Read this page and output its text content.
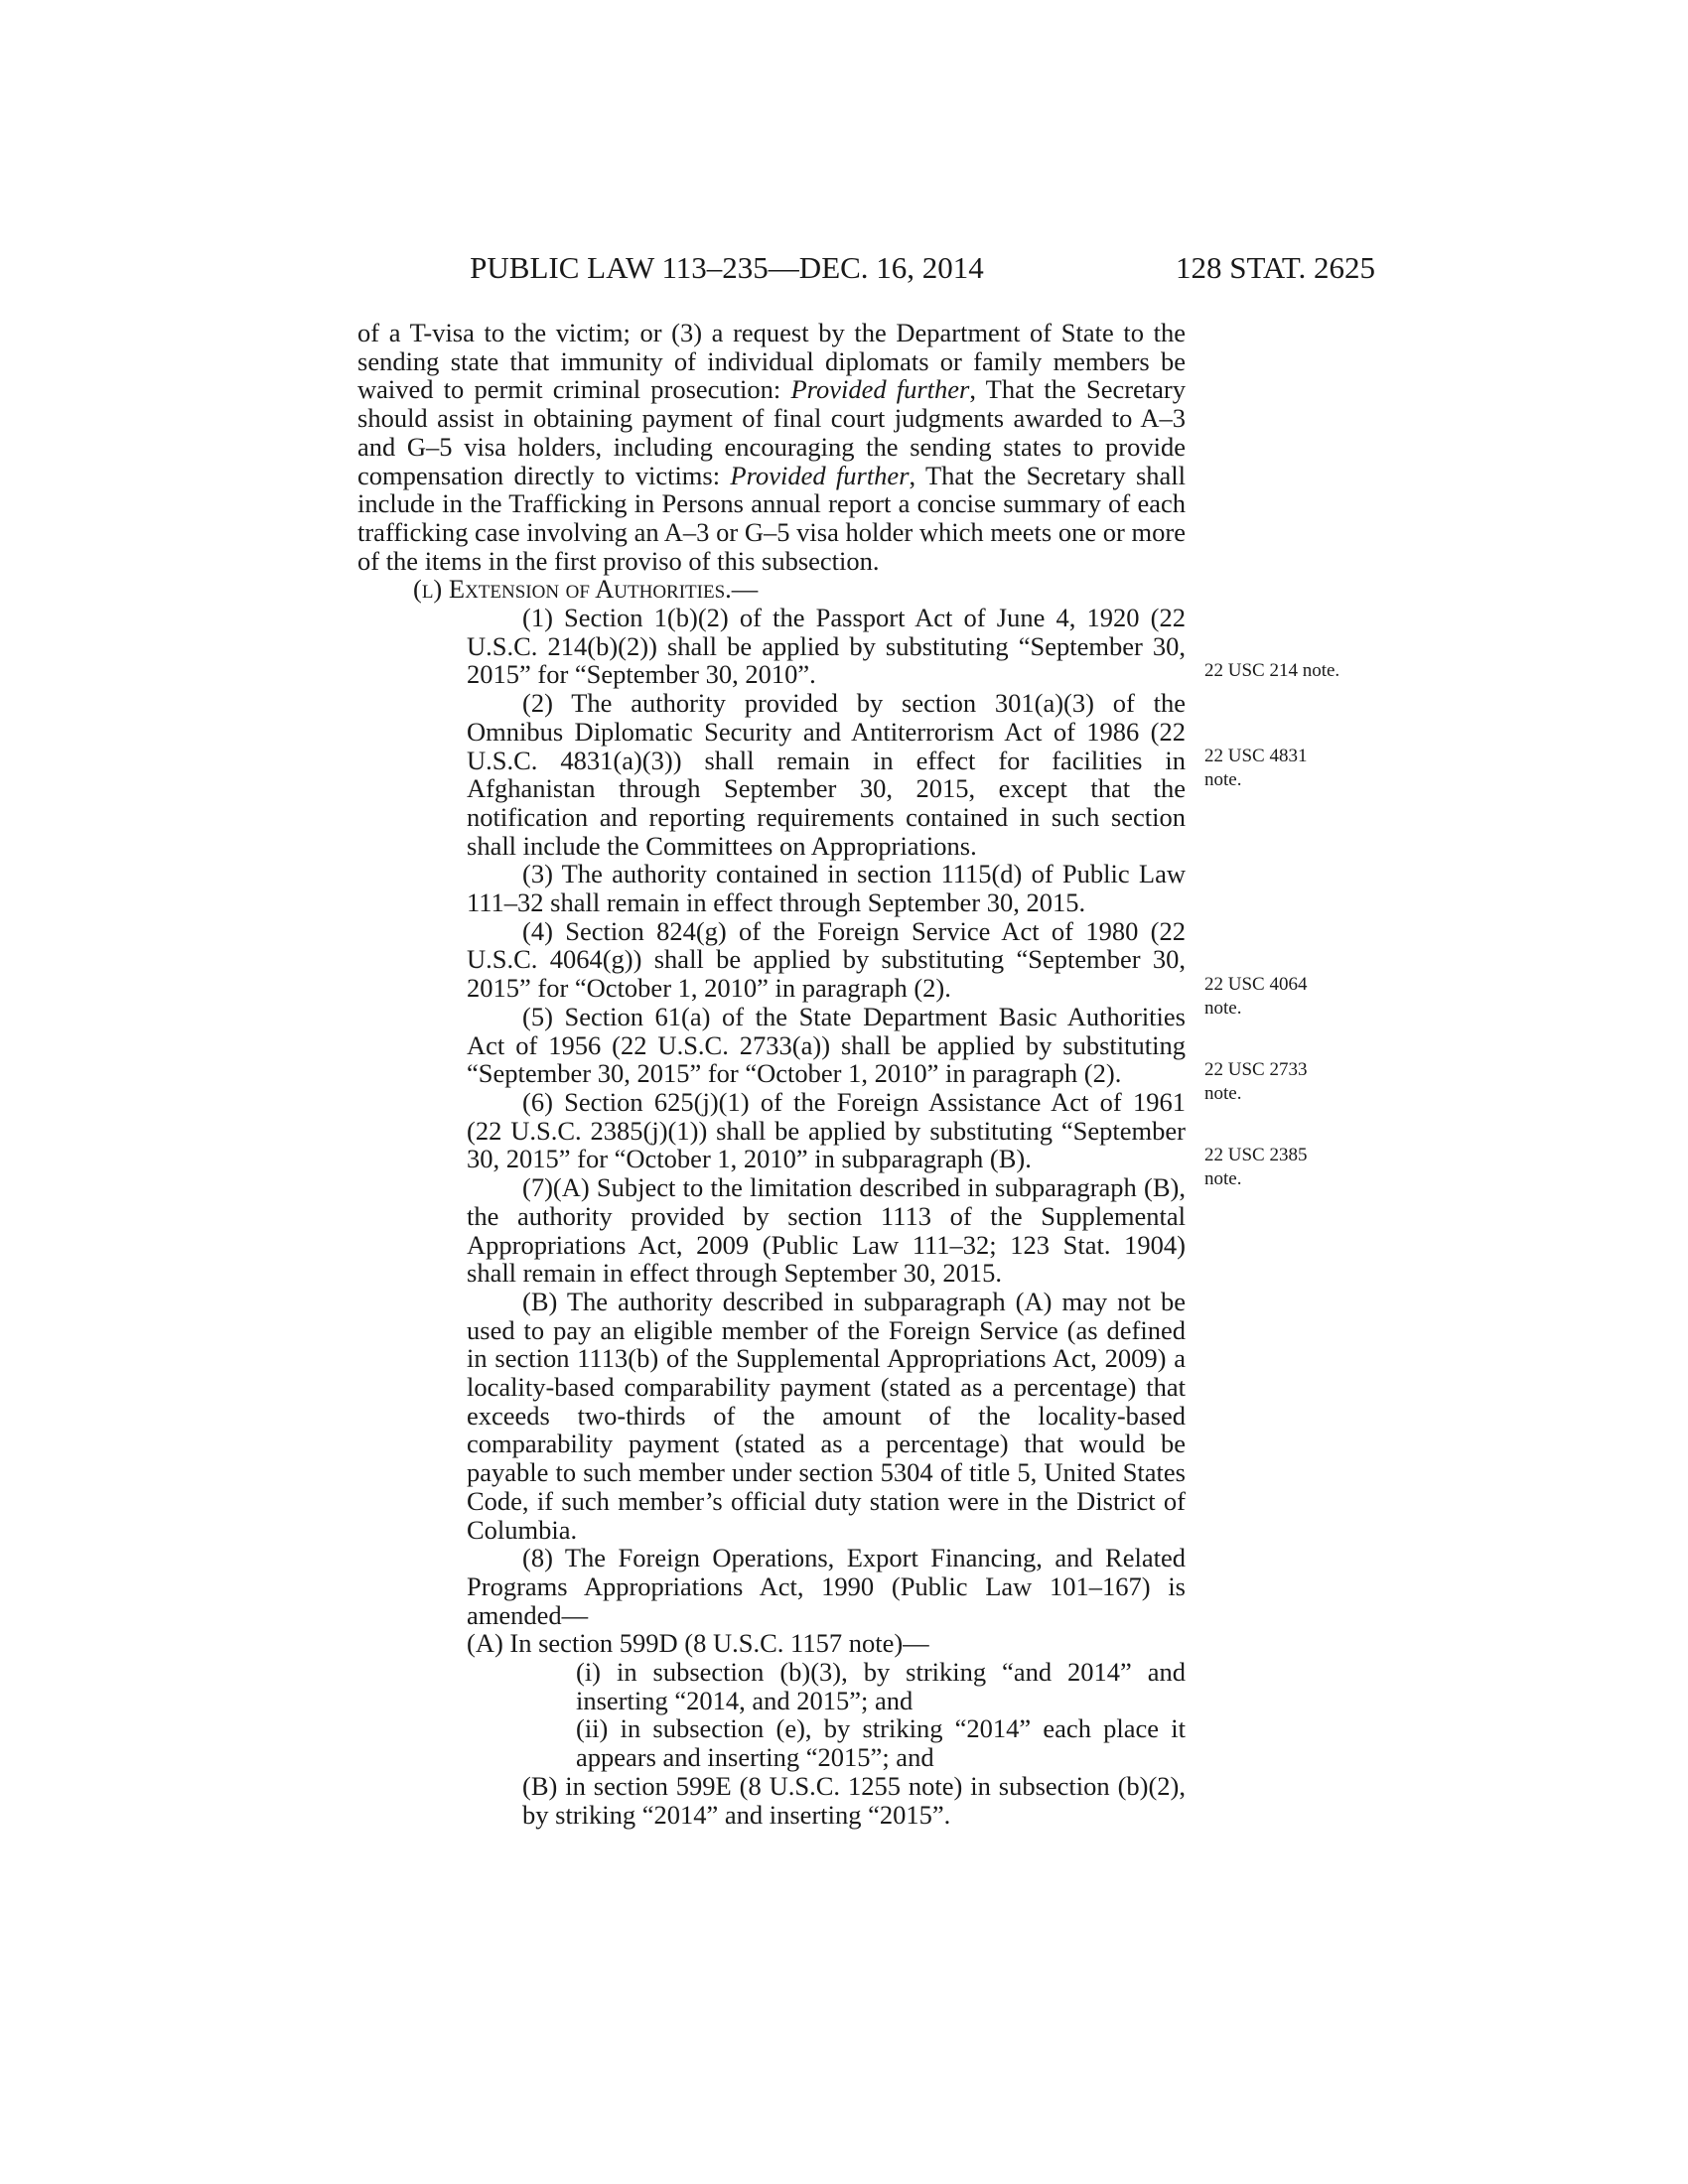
PUBLIC LAW 113–235—DEC. 16, 2014	128 STAT. 2625

of a T-visa to the victim; or (3) a request by the Department of State to the sending state that immunity of individual diplomats or family members be waived to permit criminal prosecution: Provided further, That the Secretary should assist in obtaining payment of final court judgments awarded to A–3 and G–5 visa holders, including encouraging the sending states to provide compensation directly to victims: Provided further, That the Secretary shall include in the Trafficking in Persons annual report a concise summary of each trafficking case involving an A–3 or G–5 visa holder which meets one or more of the items in the first proviso of this subsection.

(l) Extension of Authorities.—

(1) Section 1(b)(2) of the Passport Act of June 4, 1920 (22 U.S.C. 214(b)(2)) shall be applied by substituting “September 30, 2015” for “September 30, 2010”.

(2) The authority provided by section 301(a)(3) of the Omnibus Diplomatic Security and Antiterrorism Act of 1986 (22 U.S.C. 4831(a)(3)) shall remain in effect for facilities in Afghanistan through September 30, 2015, except that the notification and reporting requirements contained in such section shall include the Committees on Appropriations.

(3) The authority contained in section 1115(d) of Public Law 111–32 shall remain in effect through September 30, 2015.

(4) Section 824(g) of the Foreign Service Act of 1980 (22 U.S.C. 4064(g)) shall be applied by substituting “September 30, 2015” for “October 1, 2010” in paragraph (2).

(5) Section 61(a) of the State Department Basic Authorities Act of 1956 (22 U.S.C. 2733(a)) shall be applied by substituting “September 30, 2015” for “October 1, 2010” in paragraph (2).

(6) Section 625(j)(1) of the Foreign Assistance Act of 1961 (22 U.S.C. 2385(j)(1)) shall be applied by substituting “September 30, 2015” for “October 1, 2010” in subparagraph (B).

(7)(A) Subject to the limitation described in subparagraph (B), the authority provided by section 1113 of the Supplemental Appropriations Act, 2009 (Public Law 111–32; 123 Stat. 1904) shall remain in effect through September 30, 2015.

(B) The authority described in subparagraph (A) may not be used to pay an eligible member of the Foreign Service (as defined in section 1113(b) of the Supplemental Appropriations Act, 2009) a locality-based comparability payment (stated as a percentage) that exceeds two-thirds of the amount of the locality-based comparability payment (stated as a percentage) that would be payable to such member under section 5304 of title 5, United States Code, if such member’s official duty station were in the District of Columbia.

(8) The Foreign Operations, Export Financing, and Related Programs Appropriations Act, 1990 (Public Law 101–167) is amended—

(A) In section 599D (8 U.S.C. 1157 note)—

(i) in subsection (b)(3), by striking “and 2014” and inserting “2014, and 2015”; and

(ii) in subsection (e), by striking “2014” each place it appears and inserting “2015”; and

(B) in section 599E (8 U.S.C. 1255 note) in subsection (b)(2), by striking “2014” and inserting “2015”.

22 USC 214 note.
22 USC 4831
note.
22 USC 4064
note.
22 USC 2733
note.
22 USC 2385
note.
